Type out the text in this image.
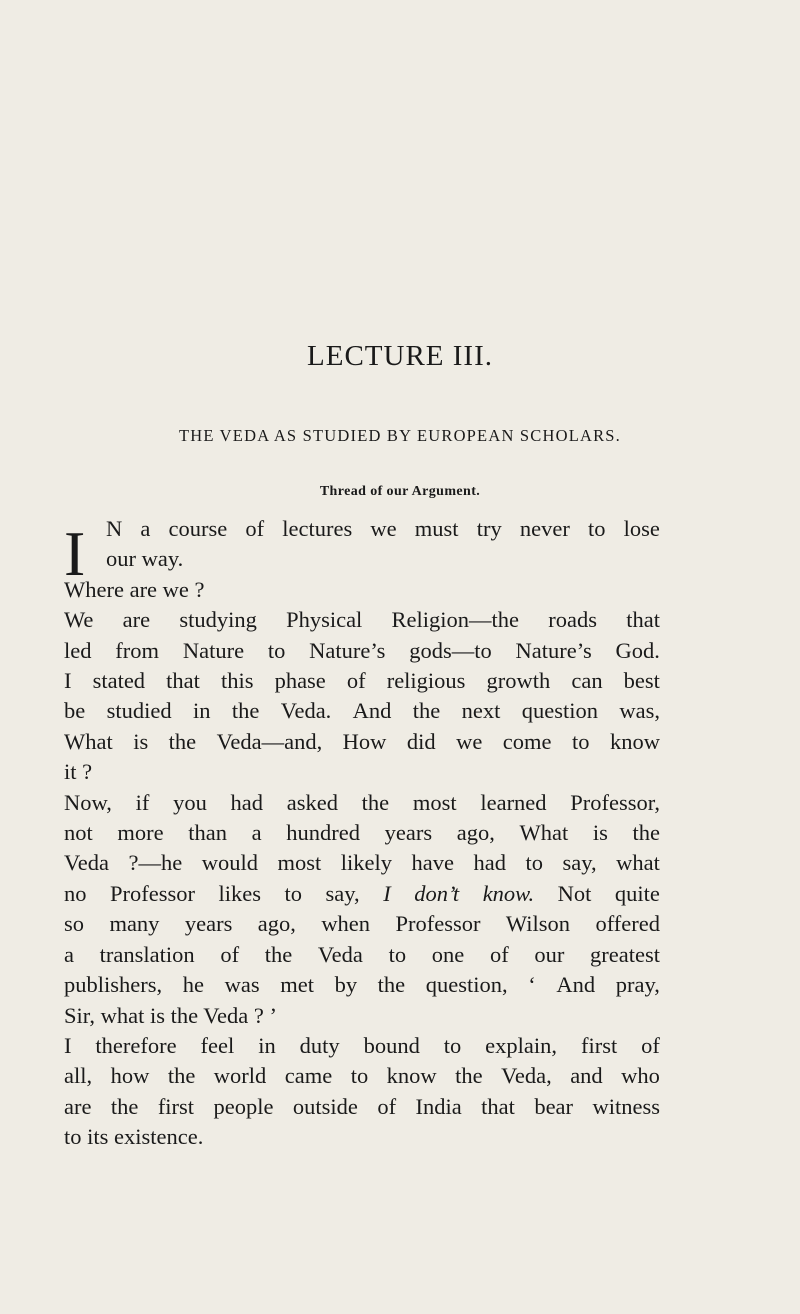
LECTURE III.
THE VEDA AS STUDIED BY EUROPEAN SCHOLARS.
Thread of our Argument.
I N a course of lectures we must try never to lose
our way.
Where are we ?
We are studying Physical Religion—the roads that
led from Nature to Nature’s gods—to Nature’s God.
I stated that this phase of religious growth can best
be studied in the Veda. And the next question was,
What is the Veda—and, How did we come to know
it ?
Now, if you had asked the most learned Professor,
not more than a hundred years ago, What is the
Veda ?—he would most likely have had to say, what
no Professor likes to say, I don’t know. Not quite
so many years ago, when Professor Wilson offered
a translation of the Veda to one of our greatest
publishers, he was met by the question, ‘ And pray,
Sir, what is the Veda ? ’
I therefore feel in duty bound to explain, first of
all, how the world came to know the Veda, and who
are the first people outside of India that bear witness
to its existence.
